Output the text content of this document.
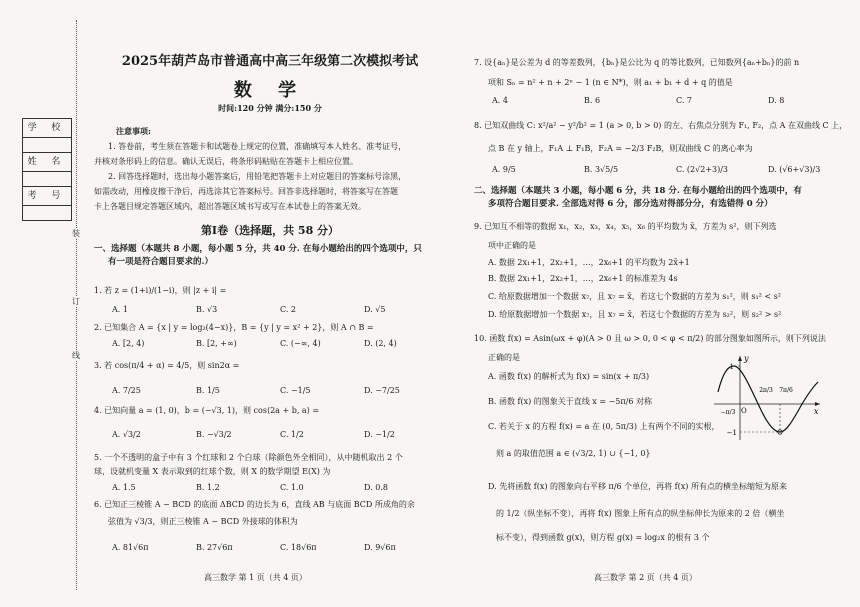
学 校
姓 名
考 号
装
订
线
2025年葫芦岛市普通高中高三年级第二次模拟考试
数 学
时间:120 分钟 满分:150 分
注意事项:
1. 答卷前，考生须在答题卡和试题卷上规定的位置，准确填写本人姓名、准考证号，
并核对条形码上的信息。确认无误后，将条形码粘贴在答题卡上相应位置。
2. 回答选择题时，选出每小题答案后，用铅笔把答题卡上对应题目的答案标号涂黑，
如需改动，用橡皮擦干净后，再选涂其它答案标号。回答非选择题时，将答案写在答题
卡上各题目规定答题区域内，超出答题区域书写或写在本试卷上的答案无效。
第Ⅰ卷（选择题，共 58 分）
一、选择题（本题共 8 小题，每小题 5 分，共 40 分. 在每小题给出的四个选项中，只
有一项是符合题目要求的.）
1. 若 z = (1+i)/(1−i)，则 |z + i| =
A. 1	B. √3	C. 2	D. √5
2. 已知集合 A = {x | y = log₂(4−x)}，B = {y | y = x² + 2}，则 A ∩ B =
A. [2, 4)	B. [2, +∞)	C. (−∞, 4)	D. (2, 4)
3. 若 cos(π/4 + α) = 4/5，则 sin2α =
A. 7/25	B. 1/5	C. −1/5	D. −7/25
4. 已知向量 a = (1, 0)，b = (−√3, 1)，则 cos⟨2a + b, a⟩ =
A. √3/2	B. −√3/2	C. 1/2	D. −1/2
5. 一个不透明的盒子中有 3 个红球和 2 个白球（除颜色外全相同），从中随机取出 2 个
球，设就机变量 X 表示取到的红球个数，则 X 的数学期望 E(X) 为
A. 1.5	B. 1.2	C. 1.0	D. 0.8
6. 已知正三棱锥 A − BCD 的底面 ΔBCD 的边长为 6，直线 AB 与底面 BCD 所成角的余
弦值为 √3/3，则正三棱锥 A − BCD 外接球的体积为
A. 81√6π	B. 27√6π	C. 18√6π	D. 9√6π
高三数学 第 1 页（共 4 页）
7. 设{aₙ}是公差为 d 的等差数列，{bₙ}是公比为 q 的等比数列，已知数列{aₙ+bₙ}的前 n
项和 Sₙ = n² + n + 2ⁿ − 1 (n ∈ N*)，则 a₁ + b₁ + d + q 的值是
A. 4	B. 6	C. 7	D. 8
8. 已知双曲线 C: x²/a² − y²/b² = 1 (a > 0, b > 0) 的左、右焦点分别为 F₁, F₂，点 A 在双曲线 C 上，
点 B 在 y 轴上，F₁A ⊥ F₁B，F₂A = −2/3 F₂B，则双曲线 C 的离心率为
A. 9/5	B. 3√5/5	C. (2√2+3)/3	D. (√6+√3)/3
二、选择题（本题共 3 小题，每小题 6 分，共 18 分. 在每小题给出的四个选项中，有
多项符合题目要求. 全部选对得 6 分，部分选对得部分分，有选错得 0 分）
9. 已知互不相等的数据 x₁，x₂，x₃，x₄，x₅，x₆ 的平均数为 x̄，方差为 s²，则下列选
项中正确的是
A. 数据 2x₁+1，2x₂+1，…，2x₆+1 的平均数为 2x̄+1
B. 数据 2x₁+1，2x₂+1，…，2x₆+1 的标准差为 4s
C. 给原数据增加一个数据 x₇，且 x₇ = x̄，若这七个数据的方差为 s₁²，则 s₁² < s²
D. 给原数据增加一个数据 x₇，且 x₇ = x̄，若这七个数据的方差为 s₂²，则 s₂² > s²
10. 函数 f(x) = Asin(ωx + φ)(A > 0 且 ω > 0, 0 < φ < π/2) 的部分图象如图所示，则下列说法
正确的是
A. 函数 f(x) 的解析式为 f(x) = sin(x + π/3)
B. 函数 f(x) 的图象关于直线 x = −5π/6 对称
C. 若关于 x 的方程 f(x) = a 在 (0, 5π/3) 上有两个不同的实根，
则 a 的取值范围 a ∈ (√3/2, 1) ∪ {−1, 0}
D. 先将函数 f(x) 的图象向右平移 π/6 个单位，再将 f(x) 所有点的横坐标缩短为原来
的 1/2（纵坐标不变），再将 f(x) 图象上所有点的纵坐标伸长为原来的 2 倍（横坐
标不变），得到函数 g(x)，则方程 g(x) = log₂x 的根有 3 个
高三数学 第 2 页（共 4 页）
y
x
O
1
−1
−π/3
2π/3 7π/6
